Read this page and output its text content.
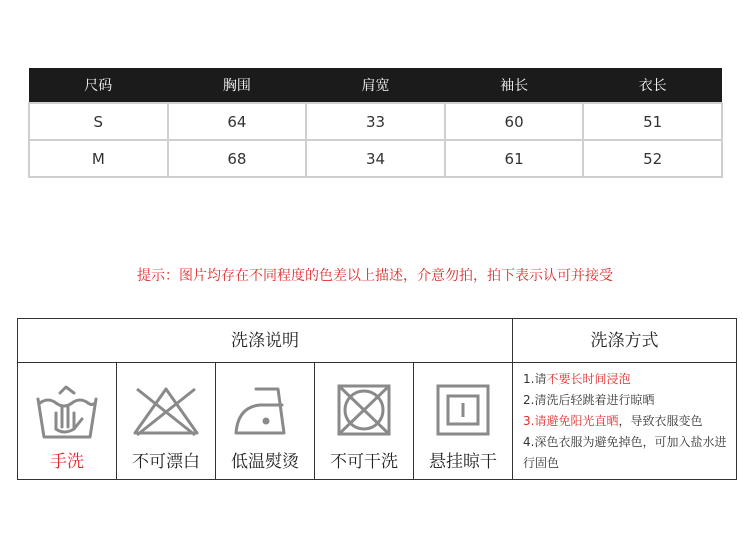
尺码	胸围	肩宽	袖长	衣长
S	64	33	60	51
M	68	34	61	52
提示：图片均存在不同程度的色差以上描述，介意勿拍，拍下表示认可并接受
洗涤说明	洗涤方式
手洗	不可漂白	低温熨烫	不可干洗	悬挂晾干
1.请不要长时间浸泡
2.清洗后轻跳着进行晾晒
3.请避免阳光直晒，导致衣服变色
4.深色衣服为避免掉色，可加入盐水进行固色
